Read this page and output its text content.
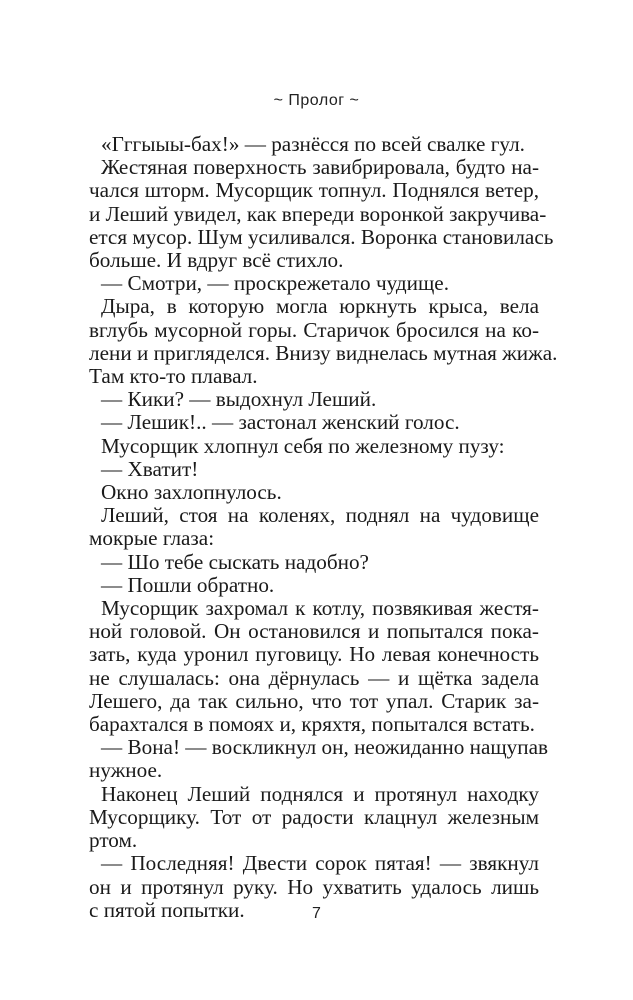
~ Пролог ~

«Гггыыы-бах!» — разнёсся по всей свалке гул.

Жестяная поверхность завибрировала, будто на-
чался шторм. Мусорщик топнул. Поднялся ветер,
и Леший увидел, как впереди воронкой закручива-
ется мусор. Шум усиливался. Воронка становилась
больше. И вдруг всё стихло.

— Смотри, — проскрежетало чудище.

Дыра, в которую могла юркнуть крыса, вела
вглубь мусорной горы. Старичок бросился на ко-
лени и пригляделся. Внизу виднелась мутная жижа.
Там кто-то плавал.

— Кики? — выдохнул Леший.

— Лешик!.. — застонал женский голос.

Мусорщик хлопнул себя по железному пузу:

— Хватит!

Окно захлопнулось.

Леший, стоя на коленях, поднял на чудовище
мокрые глаза:

— Шо тебе сыскать надобно?

— Пошли обратно.

Мусорщик захромал к котлу, позвякивая жестя-
ной головой. Он остановился и попытался пока-
зать, куда уронил пуговицу. Но левая конечность
не слушалась: она дёрнулась — и щётка задела
Лешего, да так сильно, что тот упал. Старик за-
барахтался в помоях и, кряхтя, попытался встать.

— Вона! — воскликнул он, неожиданно нащупав
нужное.

Наконец Леший поднялся и протянул находку
Мусорщику. Тот от радости клацнул железным
ртом.

— Последняя! Двести сорок пятая! — звякнул
он и протянул руку. Но ухватить удалось лишь
с пятой попытки.	7
